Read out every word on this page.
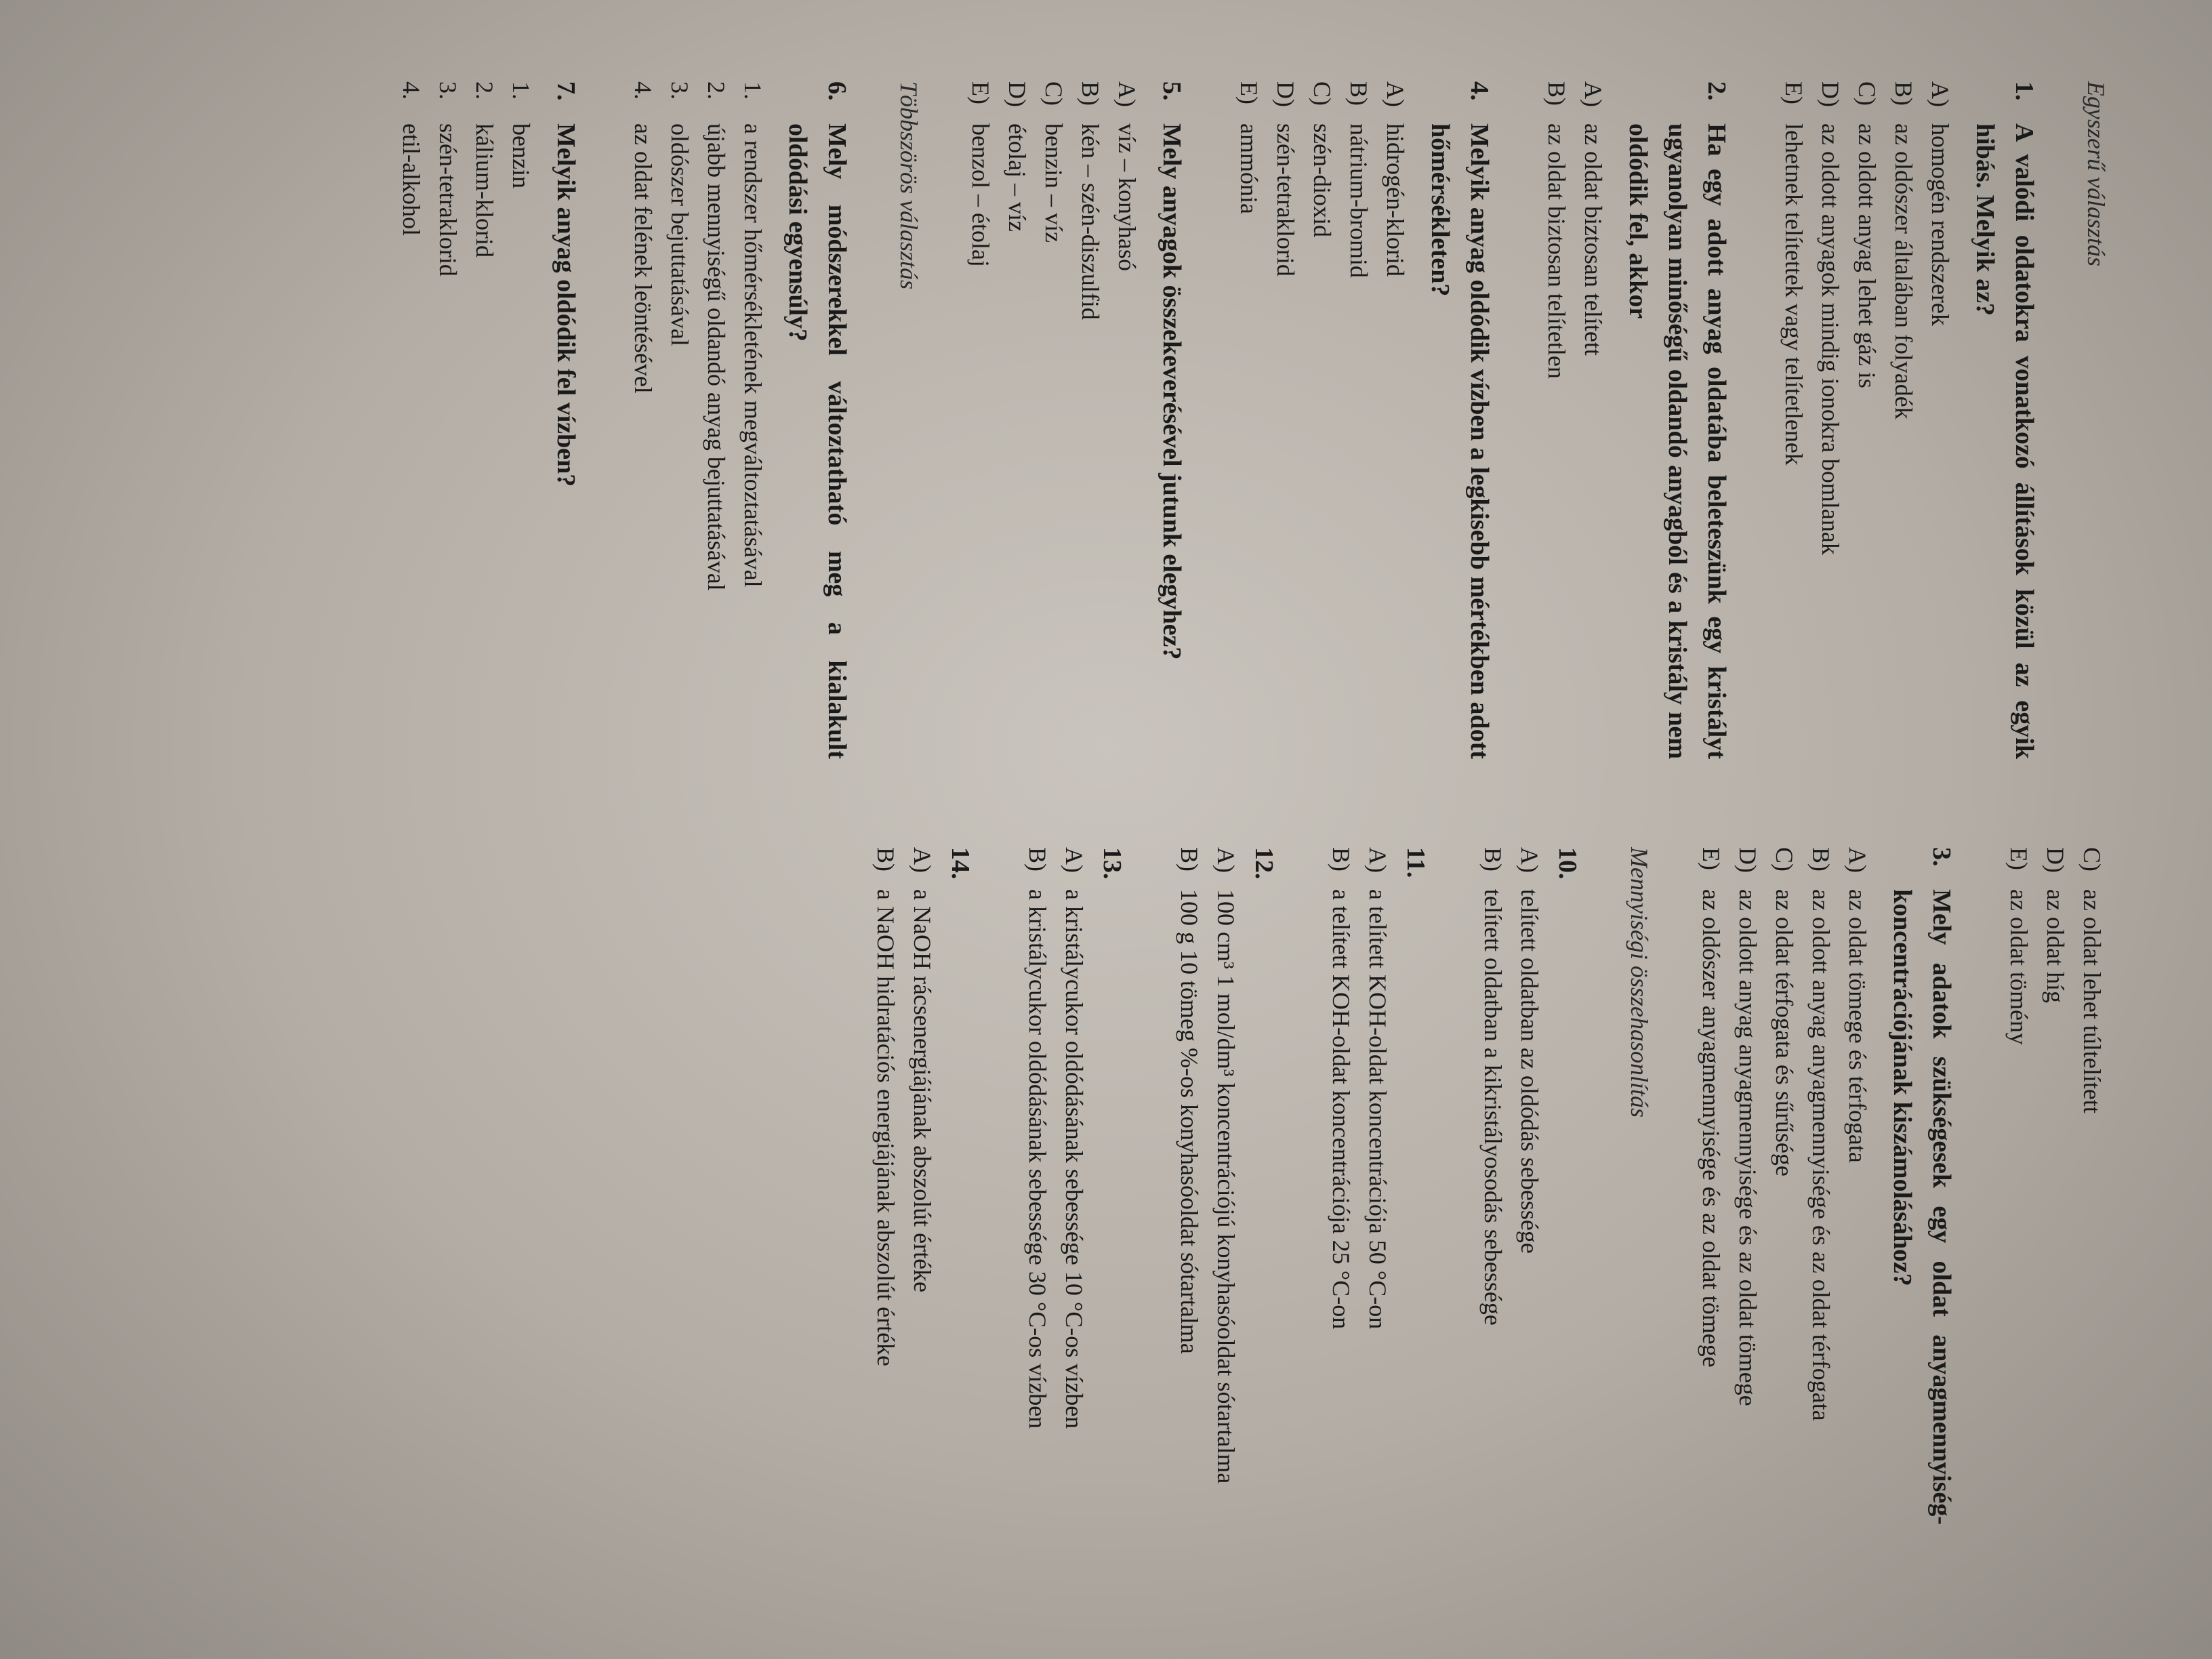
Egyszerű választás
1.
A valódi oldatokra vonatkozó állítások közül az egyik hibás. Melyik az?
A)
homogén rendszerek
B)
az oldószer általában folyadék
C)
az oldott anyag lehet gáz is
D)
az oldott anyagok mindig ionokra bomlanak
E)
lehetnek telítettek vagy telítetlenek
2.
Ha egy adott anyag oldatába beleteszünk egy kristályt ugyanolyan minőségű oldandó anyagból és a kristály nem oldódik fel, akkor
A)
az oldat biztosan telített
B)
az oldat biztosan telítetlen
4.
Melyik anyag oldódik vízben a legkisebb mértékben adott hőmérsékleten?
A)
hidrogén-klorid
B)
nátrium-bromid
C)
szén-dioxid
D)
szén-tetraklorid
E)
ammónia
5.
Mely anyagok összekeverésével jutunk elegyhez?
A)
víz – konyhasó
B)
kén – szén-diszulfid
C)
benzin – víz
D)
étolaj – víz
E)
benzol – étolaj
Többszörös választás
6.
Mely módszerekkel változtatható meg a kialakult oldódási egyensúly?
1.
a rendszer hőmérsékletének megváltoztatásával
2.
újabb mennyiségű oldandó anyag bejuttatásával
3.
oldószer bejuttatásával
4.
az oldat felének leöntésével
7.
Melyik anyag oldódik fel vízben?
1.
benzin
2.
kálium-klorid
3.
szén-tetraklorid
4.
etil-alkohol
C)
az oldat lehet túltelített
D)
az oldat híg
E)
az oldat tömény
3.
Mely adatok szükségesek egy oldat anyagmennyiség-koncentrációjának kiszámolásához?
A)
az oldat tömege és térfogata
B)
az oldott anyag anyagmennyisége és az oldat térfogata
C)
az oldat térfogata és sűrűsége
D)
az oldott anyag anyagmennyisége és az oldat tömege
E)
az oldószer anyagmennyisége és az oldat tömege
Mennyiségi összehasonlítás
10.
A)
telített oldatban az oldódás sebessége
B)
telített oldatban a kikristályosodás sebessége
11.
A)
a telített KOH-oldat koncentrációja 50 °C-on
B)
a telített KOH-oldat koncentrációja 25 °C-on
12.
A)
100 cm³ 1 mol/dm³ koncentrációjú konyhasóoldat sótartalma
B)
100 g 10 tömeg %-os konyhasóoldat sótartalma
13.
A)
a kristálycukor oldódásának sebessége 10 °C-os vízben
B)
a kristálycukor oldódásának sebessége 30 °C-os vízben
14.
A)
a NaOH rácsenergiájának abszolút értéke
B)
a NaOH hidratációs energiájának abszolút értéke
